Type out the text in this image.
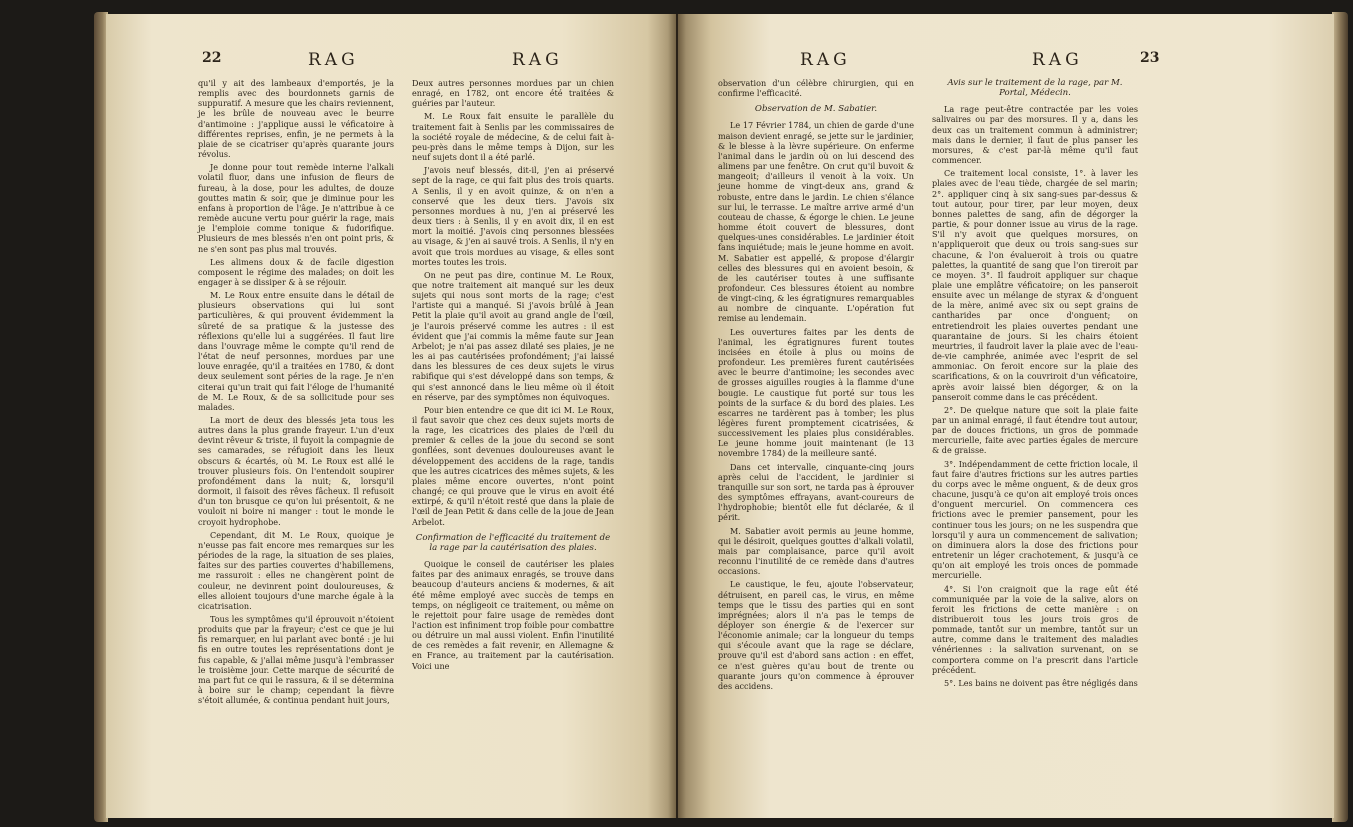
22	RAG	RAG	RAG	RAG	23

qu'il y ait des lambeaux d'emportés, je la remplis avec des bourdonnets garnis de suppuratif. A mesure que les chairs reviennent, je les brûle de nouveau avec le beurre d'antimoine : j'applique aussi le véficatoire à différentes reprises, enfin, je ne permets à la plaie de se cicatriser qu'après quarante jours révolus.

Je donne pour tout remède interne l'alkali volatil fluor, dans une infusion de fleurs de fureau, à la dose, pour les adultes, de douze gouttes matin & soir, que je diminue pour les enfans à proportion de l'âge. Je n'attribue à ce remède aucune vertu pour guérir la rage, mais je l'emploie comme tonique & fudorifique. Plusieurs de mes blessés n'en ont point pris, & ne s'en sont pas plus mal trouvés.

Les alimens doux & de facile digestion composent le régime des malades; on doit les engager à se dissiper & à se réjouir.

M. Le Roux entre ensuite dans le détail de plusieurs observations qui lui sont particulières, & qui prouvent évidemment la sûreté de sa pratique & la justesse des réflexions qu'elle lui a suggérées. Il faut lire dans l'ouvrage même le compte qu'il rend de l'état de neuf personnes, mordues par une louve enragée, qu'il a traitées en 1780, & dont deux seulement sont péries de la rage. Je n'en citerai qu'un trait qui fait l'éloge de l'humanité de M. Le Roux, & de sa sollicitude pour ses malades.

La mort de deux des blessés jeta tous les autres dans la plus grande frayeur. L'un d'eux devint rêveur & triste, il fuyoit la compagnie de ses camarades, se réfugioit dans les lieux obscurs & écartés, où M. Le Roux est allé le trouver plusieurs fois. On l'entendoit soupirer profondément dans la nuit; &, lorsqu'il dormoit, il faisoit des rêves fâcheux. Il refusoit d'un ton brusque ce qu'on lui présentoit, & ne vouloit ni boire ni manger : tout le monde le croyoit hydrophobe.

Cependant, dit M. Le Roux, quoique je n'eusse pas fait encore mes remarques sur les périodes de la rage, la situation de ses plaies, faites sur des parties couvertes d'habillemens, me rassuroit : elles ne changèrent point de couleur, ne devinrent point douloureuses, & elles alloient toujours d'une marche égale à la cicatrisation.

Tous les symptômes qu'il éprouvoit n'étoient produits que par la frayeur; c'est ce que je lui fis remarquer, en lui parlant avec bonté : je lui fis en outre toutes les représentations dont je fus capable, & j'allai même jusqu'à l'embrasser le troisième jour. Cette marque de sécurité de ma part fut ce qui le rassura, & il se détermina à boire sur le champ; cependant la fièvre s'étoit allumée, & continua pendant huit jours,

Deux autres personnes mordues par un chien enragé, en 1782, ont encore été traitées & guéries par l'auteur.

M. Le Roux fait ensuite le parallèle du traitement fait à Senlis par les commissaires de la société royale de médecine, & de celui fait à-peu-près dans le même temps à Dijon, sur les neuf sujets dont il a été parlé.

J'avois neuf blessés, dit-il, j'en ai préservé sept de la rage, ce qui fait plus des trois quarts. A Senlis, il y en avoit quinze, & on n'en a conservé que les deux tiers. J'avois six personnes mordues à nu, j'en ai préservé les deux tiers : à Senlis, il y en avoit dix, il en est mort la moitié. J'avois cinq personnes blessées au visage, & j'en ai sauvé trois. A Senlis, il n'y en avoit que trois mordues au visage, & elles sont mortes toutes les trois.

On ne peut pas dire, continue M. Le Roux, que notre traitement ait manqué sur les deux sujets qui nous sont morts de la rage; c'est l'artiste qui a manqué. Si j'avois brûlé à Jean Petit la plaie qu'il avoit au grand angle de l'œil, je l'aurois préservé comme les autres : il est évident que j'ai commis la même faute sur Jean Arbelot; je n'ai pas assez dilaté ses plaies, je ne les ai pas cautérisées profondément; j'ai laissé dans les blessures de ces deux sujets le virus rabifique qui s'est développé dans son temps, & qui s'est annoncé dans le lieu même où il étoit en réserve, par des symptômes non équivoques.

Pour bien entendre ce que dit ici M. Le Roux, il faut savoir que chez ces deux sujets morts de la rage, les cicatrices des plaies de l'œil du premier & celles de la joue du second se sont gonflées, sont devenues douloureuses avant le développement des accidens de la rage, tandis que les autres cicatrices des mêmes sujets, & les plaies même encore ouvertes, n'ont point changé; ce qui prouve que le virus en avoit été extirpé, & qu'il n'étoit resté que dans la plaie de l'œil de Jean Petit & dans celle de la joue de Jean Arbelot.

Confirmation de l'efficacité du traitement de la rage par la cautérisation des plaies.

Quoique le conseil de cautériser les plaies faites par des animaux enragés, se trouve dans beaucoup d'auteurs anciens & modernes, & ait été même employé avec succès de temps en temps, on négligeoit ce traitement, ou même on le rejettoit pour faire usage de remèdes dont l'action est infiniment trop foible pour combattre ou détruire un mal aussi violent. Enfin l'inutilité de ces remèdes a fait revenir, en Allemagne & en France, au traitement par la cautérisation. Voici une

observation d'un célèbre chirurgien, qui en confirme l'efficacité.

Observation de M. Sabatier.

Le 17 Février 1784, un chien de garde d'une maison devient enragé, se jette sur le jardinier, & le blesse à la lèvre supérieure. On enferme l'animal dans le jardin où on lui descend des alimens par une fenêtre. On crut qu'il buvoit & mangeoit; d'ailleurs il venoit à la voix. Un jeune homme de vingt-deux ans, grand & robuste, entre dans le jardin. Le chien s'élance sur lui, le terrasse. Le maître arrive armé d'un couteau de chasse, & égorge le chien. Le jeune homme étoit couvert de blessures, dont quelques-unes considérables. Le jardinier étoit fans inquiétude; mais le jeune homme en avoit. M. Sabatier est appellé, & propose d'élargir celles des blessures qui en avoient besoin, & de les cautériser toutes à une suffisante profondeur. Ces blessures étoient au nombre de vingt-cinq, & les égratignures remarquables au nombre de cinquante. L'opération fut remise au lendemain.

Les ouvertures faites par les dents de l'animal, les égratignures furent toutes incisées en étoile à plus ou moins de profondeur. Les premières furent cautérisées avec le beurre d'antimoine; les secondes avec de grosses aiguilles rougies à la flamme d'une bougie. Le caustique fut porté sur tous les points de la surface & du bord des plaies. Les escarres ne tardèrent pas à tomber; les plus légères furent promptement cicatrisées, & successivement les plaies plus considérables. Le jeune homme jouit maintenant (le 13 novembre 1784) de la meilleure santé.

Dans cet intervalle, cinquante-cinq jours après celui de l'accident, le jardinier si tranquille sur son sort, ne tarda pas à éprouver des symptômes effrayans, avant-coureurs de l'hydrophobie; bientôt elle fut déclarée, & il périt.

M. Sabatier avoit permis au jeune homme, qui le désiroit, quelques gouttes d'alkali volatil, mais par complaisance, parce qu'il avoit reconnu l'inutilité de ce remède dans d'autres occasions.

Le caustique, le feu, ajoute l'observateur, détruisent, en pareil cas, le virus, en même temps que le tissu des parties qui en sont imprégnées; alors il n'a pas le temps de déployer son énergie & de l'exercer sur l'économie animale; car la longueur du temps qui s'écoule avant que la rage se déclare, prouve qu'il est d'abord sans action : en effet, ce n'est guères qu'au bout de trente ou quarante jours qu'on commence à éprouver des accidens.

Avis sur le traitement de la rage, par M. Portal, Médecin.

La rage peut-être contractée par les voies salivaires ou par des morsures. Il y a, dans les deux cas un traitement commun à administrer; mais dans le dernier, il faut de plus panser les morsures, & c'est par-là même qu'il faut commencer.

Ce traitement local consiste, 1°. à laver les plaies avec de l'eau tiède, chargée de sel marin; 2°. appliquer cinq à six sang-sues par-dessus & tout autour, pour tirer, par leur moyen, deux bonnes palettes de sang, afin de dégorger la partie, & pour donner issue au virus de la rage. S'il n'y avoit que quelques morsures, on n'appliqueroit que deux ou trois sang-sues sur chacune, & l'on évalueroit à trois ou quatre palettes, la quantité de sang que l'on tireroit par ce moyen. 3°. Il faudroit appliquer sur chaque plaie une emplâtre véficatoire; on les panseroit ensuite avec un mélange de styrax & d'onguent de la mère, animé avec six ou sept grains de cantharides par once d'onguent; on entretiendroit les plaies ouvertes pendant une quarantaine de jours. Si les chairs étoient meurtries, il faudroit laver la plaie avec de l'eau-de-vie camphrée, animée avec l'esprit de sel ammoniac. On feroit encore sur la plaie des scarifications, & on la couvriroit d'un véficatoire, après avoir laissé bien dégorger, & on la panseroit comme dans le cas précédent.

2°. De quelque nature que soit la plaie faite par un animal enragé, il faut étendre tout autour, par de douces frictions, un gros de pommade mercurielle, faite avec parties égales de mercure & de graisse.

3°. Indépendamment de cette friction locale, il faut faire d'autres frictions sur les autres parties du corps avec le même onguent, & de deux gros chacune, jusqu'à ce qu'on ait employé trois onces d'onguent mercuriel. On commencera ces frictions avec le premier pansement, pour les continuer tous les jours; on ne les suspendra que lorsqu'il y aura un commencement de salivation; on diminuera alors la dose des frictions pour entretenir un léger crachotement, & jusqu'à ce qu'on ait employé les trois onces de pommade mercurielle.

4°. Si l'on craignoit que la rage eût été communiquée par la voie de la salive, alors on feroit les frictions de cette manière : on distribueroit tous les jours trois gros de pommade, tantôt sur un membre, tantôt sur un autre, comme dans le traitement des maladies vénériennes : la salivation survenant, on se comportera comme on l'a prescrit dans l'article précédent.

5°. Les bains ne doivent pas être négligés dans
